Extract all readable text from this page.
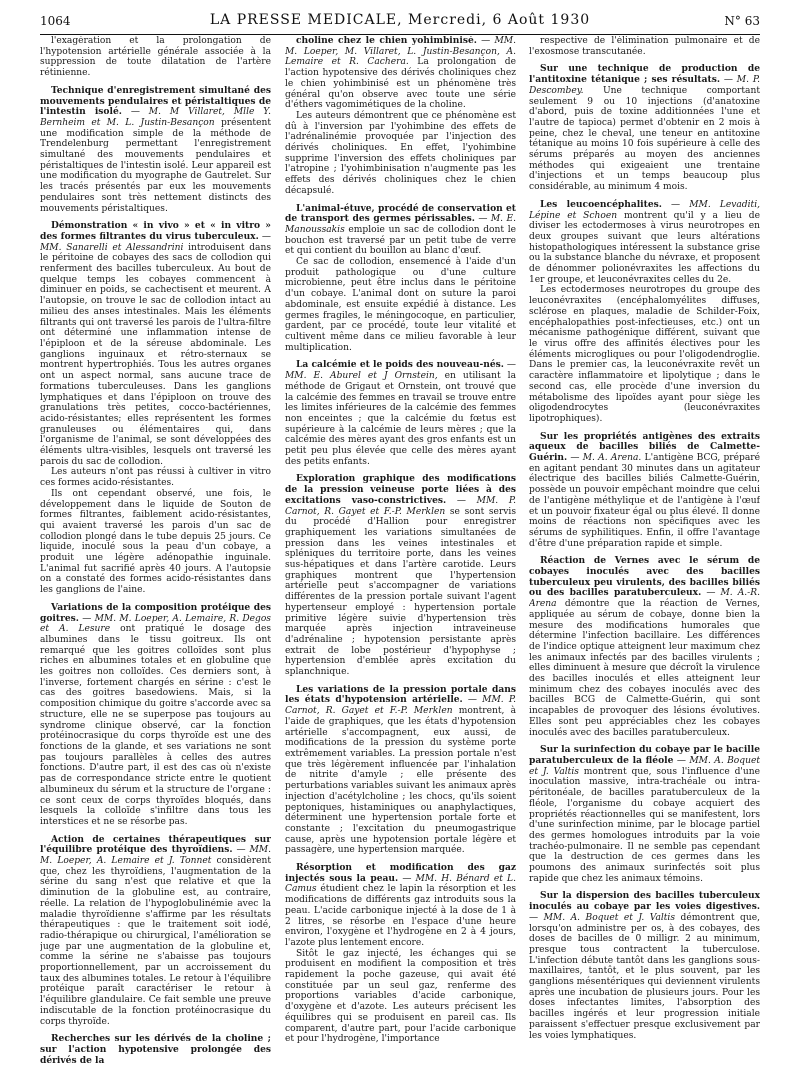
1064	LA PRESSE MEDICALE, Mercredi, 6 Août 1930	N° 63

l'exagération et la prolongation de l'hypotension artérielle générale associée à la suppression de toute dilatation de l'artère rétinienne.

Technique d'enregistrement simultané des mouvements pendulaires et péristaltiques de l'intestin isolé. — M. M Villaret, Mlle Y. Bernheim et M. L. Justin-Besançon présentent une modification simple de la méthode de Trendelenburg permettant l'enregistrement simultané des mouvements pendulaires et péristaltiques de l'intestin isolé. Leur appareil est une modification du myographe de Gautrelet. Sur les tracés présentés par eux les mouvements pendulaires sont très nettement distincts des mouvements péristaltiques.

Démonstration « in vivo » et « in vitro » des formes filtrantes du virus tuberculeux. — MM. Sanarelli et Alessandrini introduisent dans le péritoine de cobayes des sacs de collodion qui renferment des bacilles tuberculeux. Au bout de quelque temps les cobayes commencent à diminuer en poids, se cachectisent et meurent. A l'autopsie, on trouve le sac de collodion intact au milieu des anses intestinales. Mais les éléments filtrants qui ont traversé les parois de l'ultra-filtre ont déterminé une inflammation intense de l'épiploon et de la séreuse abdominale. Les ganglions inguinaux et rétro-sternaux se montrent hypertrophiés. Tous les autres organes ont un aspect normal, sans aucune trace de formations tuberculeuses. Dans les ganglions lymphatiques et dans l'épiploon on trouve des granulations très petites, cocco-bactériennes, acido-résistantes; elles représentent les formes granuleuses ou élémentaires qui, dans l'organisme de l'animal, se sont développées des éléments ultra-visibles, lesquels ont traversé les parois du sac de collodion.

Les auteurs n'ont pas réussi à cultiver in vitro ces formes acido-résistantes.

Ils ont cependant observé, une fois, le développement dans le liquide de Souton de formes filtrantes, faiblement acido-résistantes, qui avaient traversé les parois d'un sac de collodion plongé dans le tube depuis 25 jours. Ce liquide, inoculé sous la peau d'un cobaye, a produit une légère adénopathie inguinale. L'animal fut sacrifié après 40 jours. A l'autopsie on a constaté des formes acido-résistantes dans les ganglions de l'aine.

Variations de la composition protéique des goitres. — MM. M. Loeper, A. Lemaire, R. Degos et A. Lesure ont pratiqué le dosage des albumines dans le tissu goitreux. Ils ont remarqué que les goitres colloïdes sont plus riches en albumines totales et en globuline que les goitres non colloïdes. Ces derniers sont, à l'inverse, fortement chargés en sérine : c'est le cas des goitres basedowiens. Mais, si la composition chimique du goitre s'accorde avec sa structure, elle ne se superpose pas toujours au syndrome clinique observé, car la fonction protéinocrasique du corps thyroïde est une des fonctions de la glande, et ses variations ne sont pas toujours parallèles à celles des autres fonctions. D'autre part, il est des cas où n'existe pas de correspondance stricte entre le quotient albumineux du sérum et la structure de l'organe : ce sont ceux de corps thyroïdes bloqués, dans lesquels la colloïde s'infiltre dans tous les interstices et ne se résorbe pas.

Action de certaines thérapeutiques sur l'équilibre protéique des thyroïdiens. — MM. M. Loeper, A. Lemaire et J. Tonnet considèrent que, chez les thyroïdiens, l'augmentation de la sérine du sang n'est que relative et que la diminution de la globuline est, au contraire, réelle. La relation de l'hypoglobulinémie avec la maladie thyroïdienne s'affirme par les résultats thérapeutiques : que le traitement soit iodé, radio-thérapique ou chirurgical, l'amélioration se juge par une augmentation de la globuline et, comme la sérine ne s'abaisse pas toujours proportionnellement, par un accroissement du taux des albumines totales. Le retour à l'équilibre protéique paraît caractériser le retour à l'équilibre glandulaire. Ce fait semble une preuve indiscutable de la fonction protéinocrasique du corps thyroïde.

Recherches sur les dérivés de la choline ; sur l'action hypotensive prolongée des dérivés de la

choline chez le chien yohimbinisé. — MM. M. Loeper, M. Villaret, L. Justin-Besançon, A. Lemaire et R. Cachera. La prolongation de l'action hypotensive des dérivés choliniques chez le chien yohimbinisé est un phénomène très général qu'on observe avec toute une série d'éthers vagomimétiques de la choline.

Les auteurs démontrent que ce phénomène est dû à l'inversion par l'yohimbine des effets de l'adrénalinémie provoquée par l'injection des dérivés choliniques. En effet, l'yohimbine supprime l'inversion des effets choliniques par l'atropine ; l'yohimbinisation n'augmente pas les effets des dérivés choliniques chez le chien décapsulé.

L'animal-étuve, procédé de conservation et de transport des germes périssables. — M. E. Manoussakis emploie un sac de collodion dont le bouchon est traversé par un petit tube de verre et qui contient du bouillon au blanc d'œuf.

Ce sac de collodion, ensemencé à l'aide d'un produit pathologique ou d'une culture microbienne, peut être inclus dans le péritoine d'un cobaye. L'animal dont on suture la paroi abdominale, est ensuite expédié à distance. Les germes fragiles, le méningocoque, en particulier, gardent, par ce procédé, toute leur vitalité et cultivent même dans ce milieu favorable à leur multiplication.

La calcémie et le poids des nouveau-nés. — MM. E. Aburel et J Ornstein, en utilisant la méthode de Grigaut et Ornstein, ont trouvé que la calcémie des femmes en travail se trouve entre les limites inférieures de la calcémie des femmes non enceintes ; que la calcémie du fœtus est supérieure à la calcémie de leurs mères ; que la calcémie des mères ayant des gros enfants est un petit peu plus élevée que celle des mères ayant des petits enfants.

Exploration graphique des modifications de la pression veineuse porte liées à des excitations vaso-constrictives. — MM. P. Carnot, R. Gayet et F.-P. Merklen se sont servis du procédé d'Hallion pour enregistrer graphiquement les variations simultanées de pression dans les veines intestinales et spléniques du territoire porte, dans les veines sus-hépatiques et dans l'artère carotide. Leurs graphiques montrent que l'hypertension artérielle peut s'accompagner de variations différentes de la pression portale suivant l'agent hypertenseur employé : hypertension portale primitive légère suivie d'hypertension très marquée après injection intraveineuse d'adrénaline ; hypotension persistante après extrait de lobe postérieur d'hypophyse ; hypertension d'emblée après excitation du splanchnique.

Les variations de la pression portale dans les états d'hypotension artérielle. — MM. P. Carnot, R. Gayet et F.-P. Merklen montrent, à l'aide de graphiques, que les états d'hypotension artérielle s'accompagnent, eux aussi, de modifications de la pression du système porte extrêmement variables. La pression portale n'est que très légèrement influencée par l'inhalation de nitrite d'amyle ; elle présente des perturbations variables suivant les animaux après injection d'acétylcholine ; les chocs, qu'ils soient peptoniques, histaminiques ou anaphylactiques, déterminent une hypertension portale forte et constante ; l'excitation du pneumogastrique cause, après une hypotension portale légère et passagère, une hypertension marquée.

Résorption et modification des gaz injectés sous la peau. — MM. H. Bénard et L. Camus étudient chez le lapin la résorption et les modifications de différents gaz introduits sous la peau. L'acide carbonique injecté à la dose de 1 à 2 litres, se résorbe en l'espace d'une heure environ, l'oxygène et l'hydrogène en 2 à 4 jours, l'azote plus lentement encore.

Sitôt le gaz injecté, les échanges qui se produisent en modifient la composition et très rapidement la poche gazeuse, qui avait été constituée par un seul gaz, renferme des proportions variables d'acide carbonique, d'oxygène et d'azote. Les auteurs précisent les équilibres qui se produisent en pareil cas. Ils comparent, d'autre part, pour l'acide carbonique et pour l'hydrogène, l'importance

respective de l'élimination pulmonaire et de l'exosmose transcutanée.

Sur une technique de production de l'antitoxine tétanique ; ses résultats. — M. P. Descombey. Une technique comportant seulement 9 ou 10 injections (d'anatoxine d'abord, puis de toxine additionnées l'une et l'autre de tapioca) permet d'obtenir en 2 mois à peine, chez le cheval, une teneur en antitoxine tétanique au moins 10 fois supérieure à celle des sérums préparés au moyen des anciennes méthodes qui exigeaient une trentaine d'injections et un temps beaucoup plus considérable, au minimum 4 mois.

Les leucoencéphalites. — MM. Levaditi, Lépine et Schoen montrent qu'il y a lieu de diviser les ectodermoses à virus neurotropes en deux groupes suivant que leurs altérations histopathologiques intéressent la substance grise ou la substance blanche du névraxe, et proposent de dénommer polionévraxites les affections du 1er groupe, et leuconévraxites celles du 2e.

Les ectodermoses neurotropes du groupe des leuconévraxites (encéphalomyélites diffuses, sclérose en plaques, maladie de Schilder-Foix, encéphalopathies post-infectieuses, etc.) ont un mécanisme pathogénique différent, suivant que le virus offre des affinités électives pour les éléments microgliques ou pour l'oligodendroglie. Dans le premier cas, la leuconévraxite revêt un caractère inflammatoire et lipolytique ; dans le second cas, elle procède d'une inversion du métabolisme des lipoïdes ayant pour siège les oligodendrocytes (leuconévraxites lipotrophiques).

Sur les propriétés antigènes des extraits aqueux de bacilles biliés de Calmette-Guérin. — M. A. Arena. L'antigène BCG, préparé en agitant pendant 30 minutes dans un agitateur électrique des bacilles biliés Calmette-Guérin, possède un pouvoir empêchant moindre que celui de l'antigène méthylique et de l'antigène à l'œuf et un pouvoir fixateur égal ou plus élevé. Il donne moins de réactions non spécifiques avec les sérums de syphilitiques. Enfin, il offre l'avantage d'être d'une préparation rapide et simple.

Réaction de Vernes avec le sérum de cobayes inoculés avec des bacilles tuberculeux peu virulents, des bacilles biliés ou des bacilles paratuberculeux. — M. A.-R. Arena démontre que la réaction de Vernes, appliquée au sérum de cobaye, donne bien la mesure des modifications humorales que détermine l'infection bacillaire. Les différences de l'indice optique atteignent leur maximum chez les animaux infectés par des bacilles virulents ; elles diminuent à mesure que décroît la virulence des bacilles inoculés et elles atteignent leur minimum chez des cobayes inoculés avec des bacilles BCG de Calmette-Guérin, qui sont incapables de provoquer des lésions évolutives. Elles sont peu appréciables chez les cobayes inoculés avec des bacilles paratuberculeux.

Sur la surinfection du cobaye par le bacille paratuberculeux de la fléole — MM. A. Boquet et J. Valtis montrent que, sous l'influence d'une inoculation massive, intra-trachéale ou intra-péritonéale, de bacilles paratuberculeux de la fléole, l'organisme du cobaye acquiert des propriétés réactionnelles qui se manifestent, lors d'une surinfection minime, par le blocage partiel des germes homologues introduits par la voie trachéo-pulmonaire. Il ne semble pas cependant que la destruction de ces germes dans les poumons des animaux surinfectés soit plus rapide que chez les animaux témoins.

Sur la dispersion des bacilles tuberculeux inoculés au cobaye par les voies digestives. — MM. A. Boquet et J. Valtis démontrent que, lorsqu'on administre per os, à des cobayes, des doses de bacilles de 0 milligr. 2 au minimum, presque tous contractent la tuberculose. L'infection débute tantôt dans les ganglions sous-maxillaires, tantôt, et le plus souvent, par les ganglions mésentériques qui deviennent virulents après une incubation de plusieurs jours. Pour les doses infectantes limites, l'absorption des bacilles ingérés et leur progression initiale paraissent s'effectuer presque exclusivement par les voies lymphatiques.
